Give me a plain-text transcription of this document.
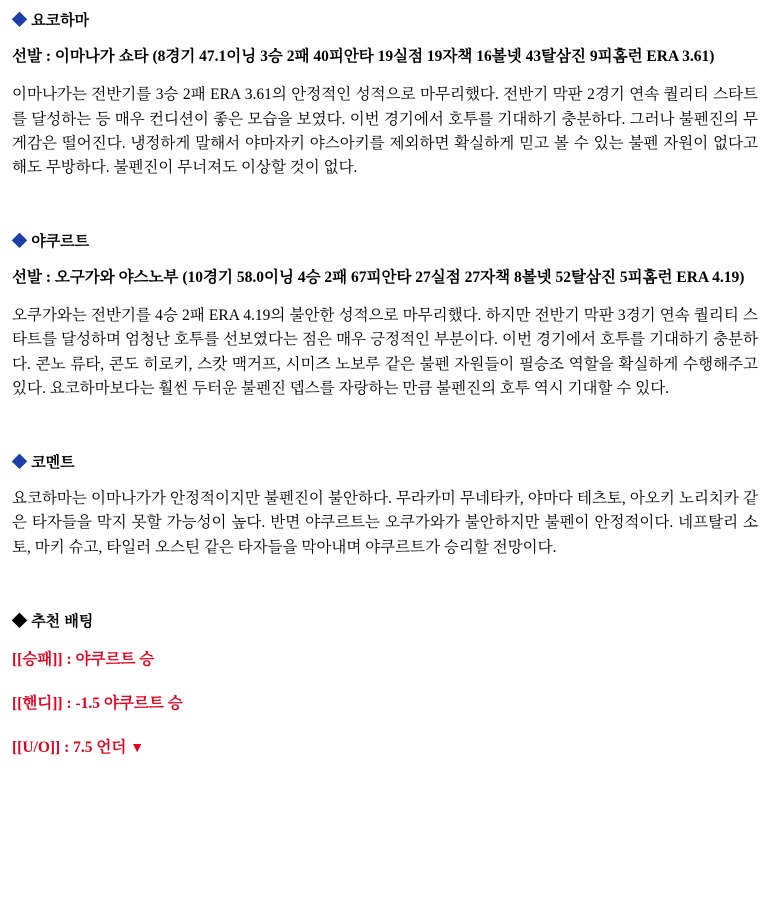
◆ 요코하마

선발 : 이마나가 쇼타 (8경기 47.1이닝 3승 2패 40피안타 19실점 19자책 16볼넷 43탈삼진 9피홈런 ERA 3.61)

이마나가는 전반기를 3승 2패 ERA 3.61의 안정적인 성적으로 마무리했다. 전반기 막판 2경기 연속 퀄리티 스타트를 달성하는 등 매우 컨디션이 좋은 모습을 보였다. 이번 경기에서 호투를 기대하기 충분하다. 그러나 불펜진의 무게감은 떨어진다. 냉정하게 말해서 야마자키 야스아키를 제외하면 확실하게 믿고 볼 수 있는 불펜 자원이 없다고 해도 무방하다. 불펜진이 무너져도 이상할 것이 없다.

◆ 야쿠르트

선발 : 오구가와 야스노부 (10경기 58.0이닝 4승 2패 67피안타 27실점 27자책 8볼넷 52탈삼진 5피홈런 ERA 4.19)

오쿠가와는 전반기를 4승 2패 ERA 4.19의 불안한 성적으로 마무리했다. 하지만 전반기 막판 3경기 연속 퀄리티 스타트를 달성하며 엄청난 호투를 선보였다는 점은 매우 긍정적인 부분이다. 이번 경기에서 호투를 기대하기 충분하다. 콘노 류타, 콘도 히로키, 스캇 맥거프, 시미즈 노보루 같은 불펜 자원들이 필승조 역할을 확실하게 수행해주고 있다. 요코하마보다는 훨씬 두터운 불펜진 뎁스를 자랑하는 만큼 불펜진의 호투 역시 기대할 수 있다.

◆ 코멘트

요코하마는 이마나가가 안정적이지만 불펜진이 불안하다. 무라카미 무네타카, 야마다 테츠토, 아오키 노리치카 같은 타자들을 막지 못할 가능성이 높다. 반면 야쿠르트는 오쿠가와가 불안하지만 불펜이 안정적이다. 네프탈리 소토, 마키 슈고, 타일러 오스틴 같은 타자들을 막아내며 야쿠르트가 승리할 전망이다.

◆ 추천 배팅
[[승패]] : 야쿠르트 승
[[핸디]] : -1.5 야쿠르트 승
[[U/O]] : 7.5 언더 ▼
